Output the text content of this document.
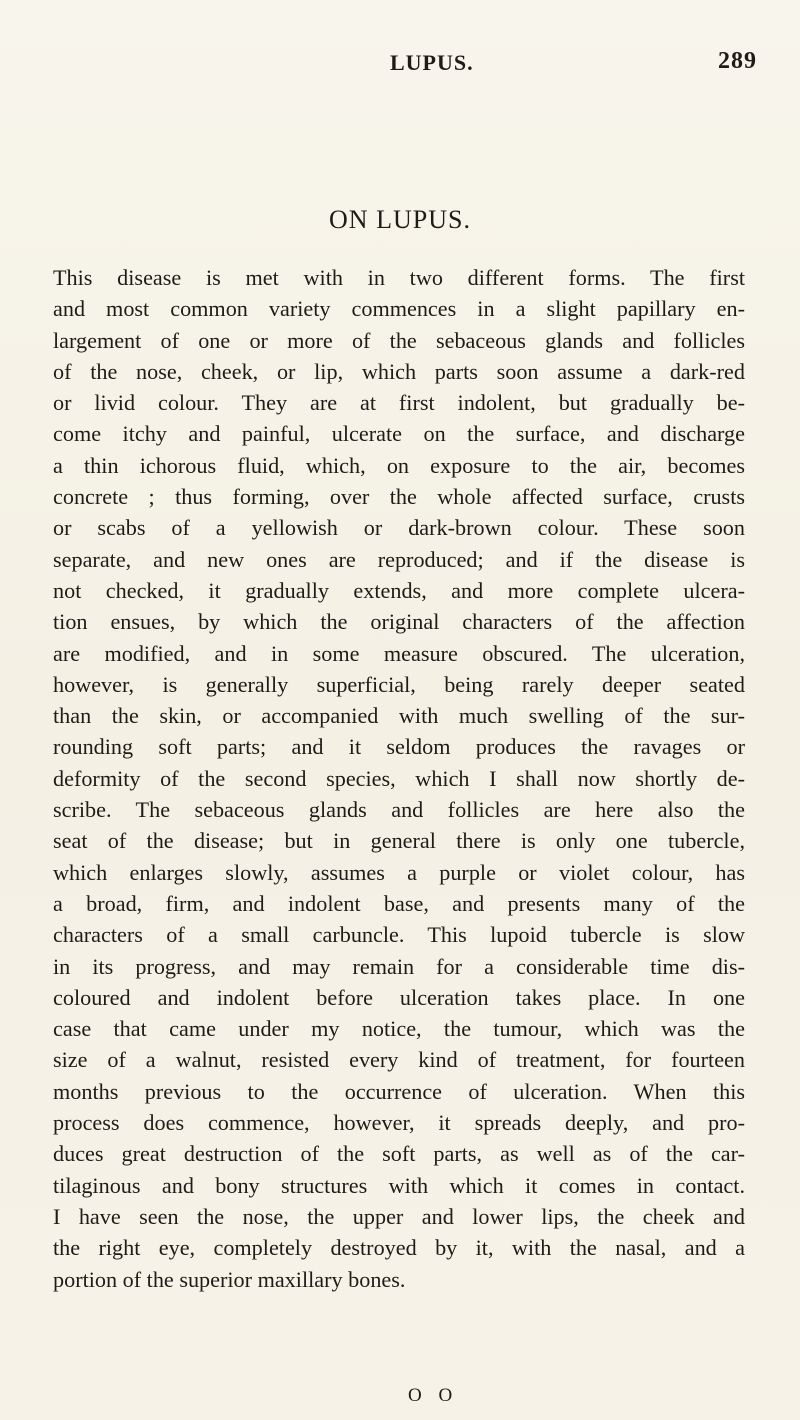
LUPUS.	289
ON LUPUS.
This disease is met with in two different forms. The first
and most common variety commences in a slight papillary en-
largement of one or more of the sebaceous glands and follicles
of the nose, cheek, or lip, which parts soon assume a dark-red
or livid colour. They are at first indolent, but gradually be-
come itchy and painful, ulcerate on the surface, and discharge
a thin ichorous fluid, which, on exposure to the air, becomes
concrete ; thus forming, over the whole affected surface, crusts
or scabs of a yellowish or dark-brown colour. These soon
separate, and new ones are reproduced; and if the disease is
not checked, it gradually extends, and more complete ulcera-
tion ensues, by which the original characters of the affection
are modified, and in some measure obscured. The ulceration,
however, is generally superficial, being rarely deeper seated
than the skin, or accompanied with much swelling of the sur-
rounding soft parts; and it seldom produces the ravages or
deformity of the second species, which I shall now shortly de-
scribe. The sebaceous glands and follicles are here also the
seat of the disease; but in general there is only one tubercle,
which enlarges slowly, assumes a purple or violet colour, has
a broad, firm, and indolent base, and presents many of the
characters of a small carbuncle. This lupoid tubercle is slow
in its progress, and may remain for a considerable time dis-
coloured and indolent before ulceration takes place. In one
case that came under my notice, the tumour, which was the
size of a walnut, resisted every kind of treatment, for fourteen
months previous to the occurrence of ulceration. When this
process does commence, however, it spreads deeply, and pro-
duces great destruction of the soft parts, as well as of the car-
tilaginous and bony structures with which it comes in contact.
I have seen the nose, the upper and lower lips, the cheek and
the right eye, completely destroyed by it, with the nasal, and a
portion of the superior maxillary bones.
O O
